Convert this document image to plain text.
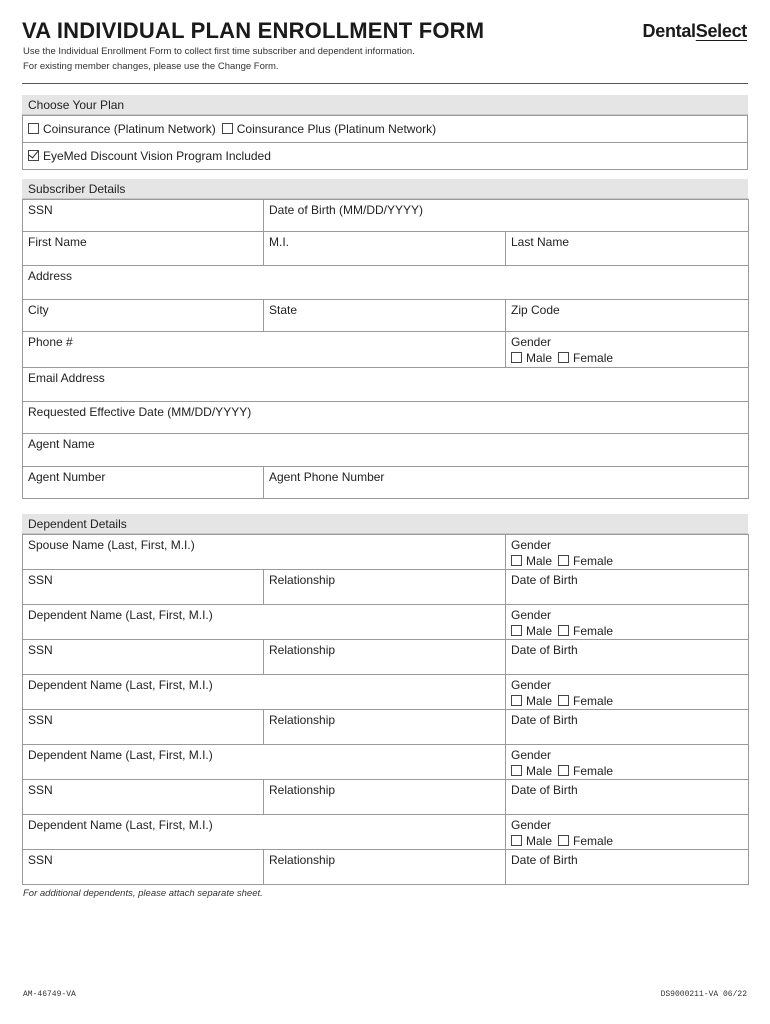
VA INDIVIDUAL PLAN ENROLLMENT FORM	DentalSelect
Use the Individual Enrollment Form to collect first time subscriber and dependent information.
For existing member changes, please use the Change Form.
Choose Your Plan
Coinsurance (Platinum Network) Coinsurance Plus (Platinum Network)
EyeMed Discount Vision Program Included
Subscriber Details
SSN	Date of Birth (MM/DD/YYYY)	
First Name	M.I.	Last Name
Address		
City	State	Zip Code
Phone #		Gender
Male Female

Email Address		
Requested Effective Date (MM/DD/YYYY)		
Agent Name		
Agent Number	Agent Phone Number	
Dependent Details
Spouse Name (Last, First, M.I.)		Gender
Male Female

SSN	Relationship	Date of Birth
Dependent Name (Last, First, M.I.)		Gender
Male Female

SSN	Relationship	Date of Birth
Dependent Name (Last, First, M.I.)		Gender
Male Female

SSN	Relationship	Date of Birth
Dependent Name (Last, First, M.I.)		Gender
Male Female

SSN	Relationship	Date of Birth
Dependent Name (Last, First, M.I.)		Gender
Male Female

SSN	Relationship	Date of Birth
For additional dependents, please attach separate sheet.
AM-46749-VA	DS9000211-VA 06/22
